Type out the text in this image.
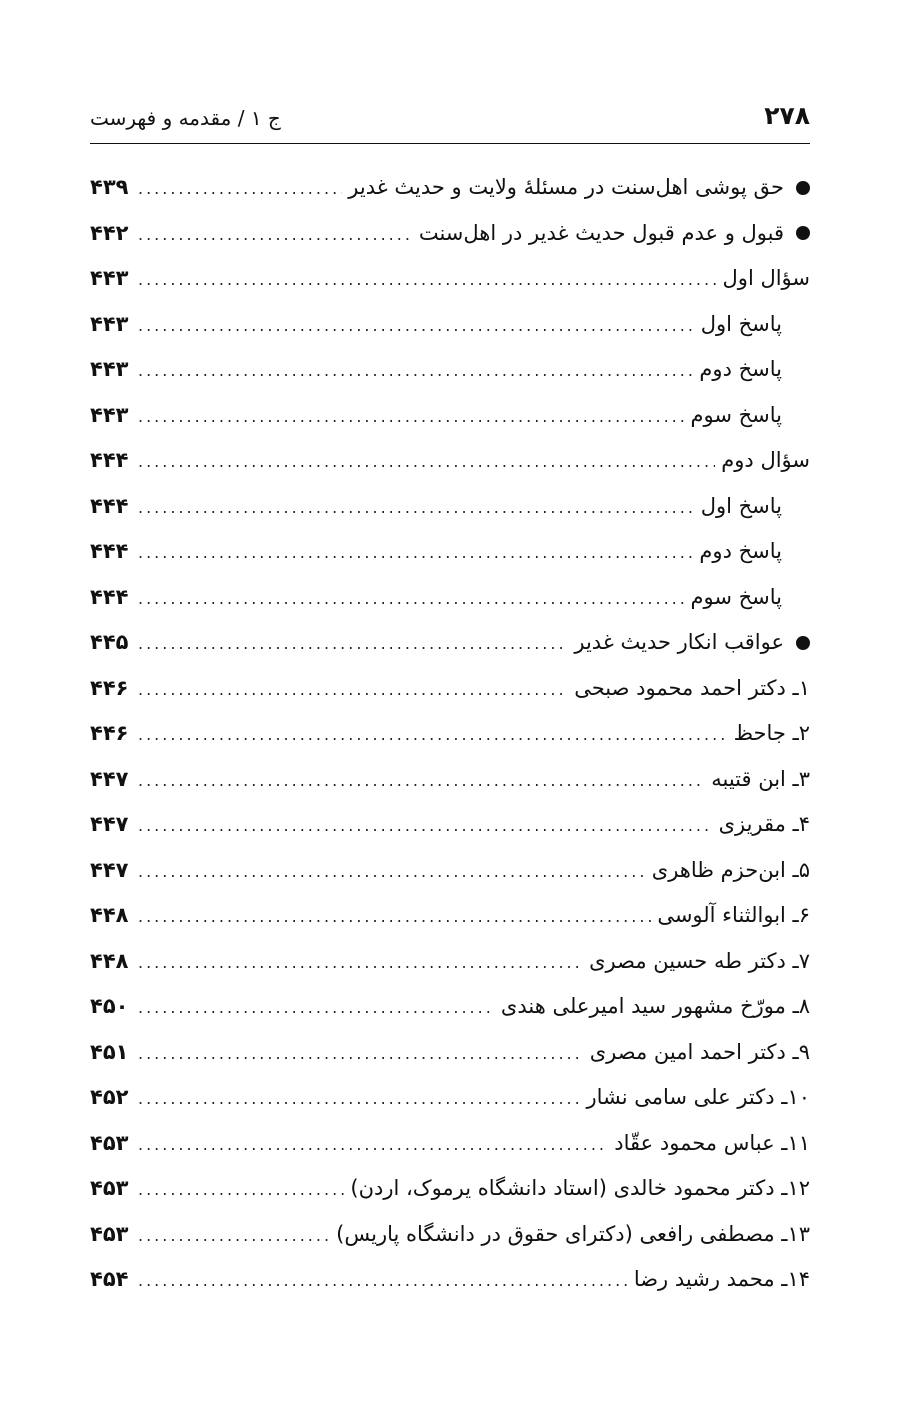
۲۷۸
ج ۱ / مقدمه و فهرست
حق پوشی اهل‌سنت در مسئلهٔ ولایت و حدیث غدیر
.....
۴۳۹
قبول و عدم قبول حدیث غدیر در اهل‌سنت
.....
۴۴۲
سؤال اول
.....
۴۴۳
پاسخ اول
.....
۴۴۳
پاسخ دوم
.....
۴۴۳
پاسخ سوم
.....
۴۴۳
سؤال دوم
.....
۴۴۴
پاسخ اول
.....
۴۴۴
پاسخ دوم
.....
۴۴۴
پاسخ سوم
.....
۴۴۴
عواقب انکار حدیث غدیر
.....
۴۴۵
۱ـ دکتر احمد محمود صبحی
.....
۴۴۶
۲ـ جاحظ
.....
۴۴۶
۳ـ ابن قتیبه
.....
۴۴۷
۴ـ مقریزی
.....
۴۴۷
۵ـ ابن‌حزم ظاهری
.....
۴۴۷
۶ـ ابوالثناء آلوسی
.....
۴۴۸
۷ـ دکتر طه حسین مصری
.....
۴۴۸
۸ـ مورّخ مشهور سید امیرعلی هندی
.....
۴۵۰
۹ـ دکتر احمد امین مصری
.....
۴۵۱
۱۰ـ دکتر علی سامی نشار
.....
۴۵۲
۱۱ـ عباس محمود عقّاد
.....
۴۵۳
۱۲ـ دکتر محمود خالدی (استاد دانشگاه یرموک، اردن)
.....
۴۵۳
۱۳ـ مصطفی رافعی (دکترای حقوق در دانشگاه پاریس)
.....
۴۵۳
۱۴ـ محمد رشید رضا
.....
۴۵۴
